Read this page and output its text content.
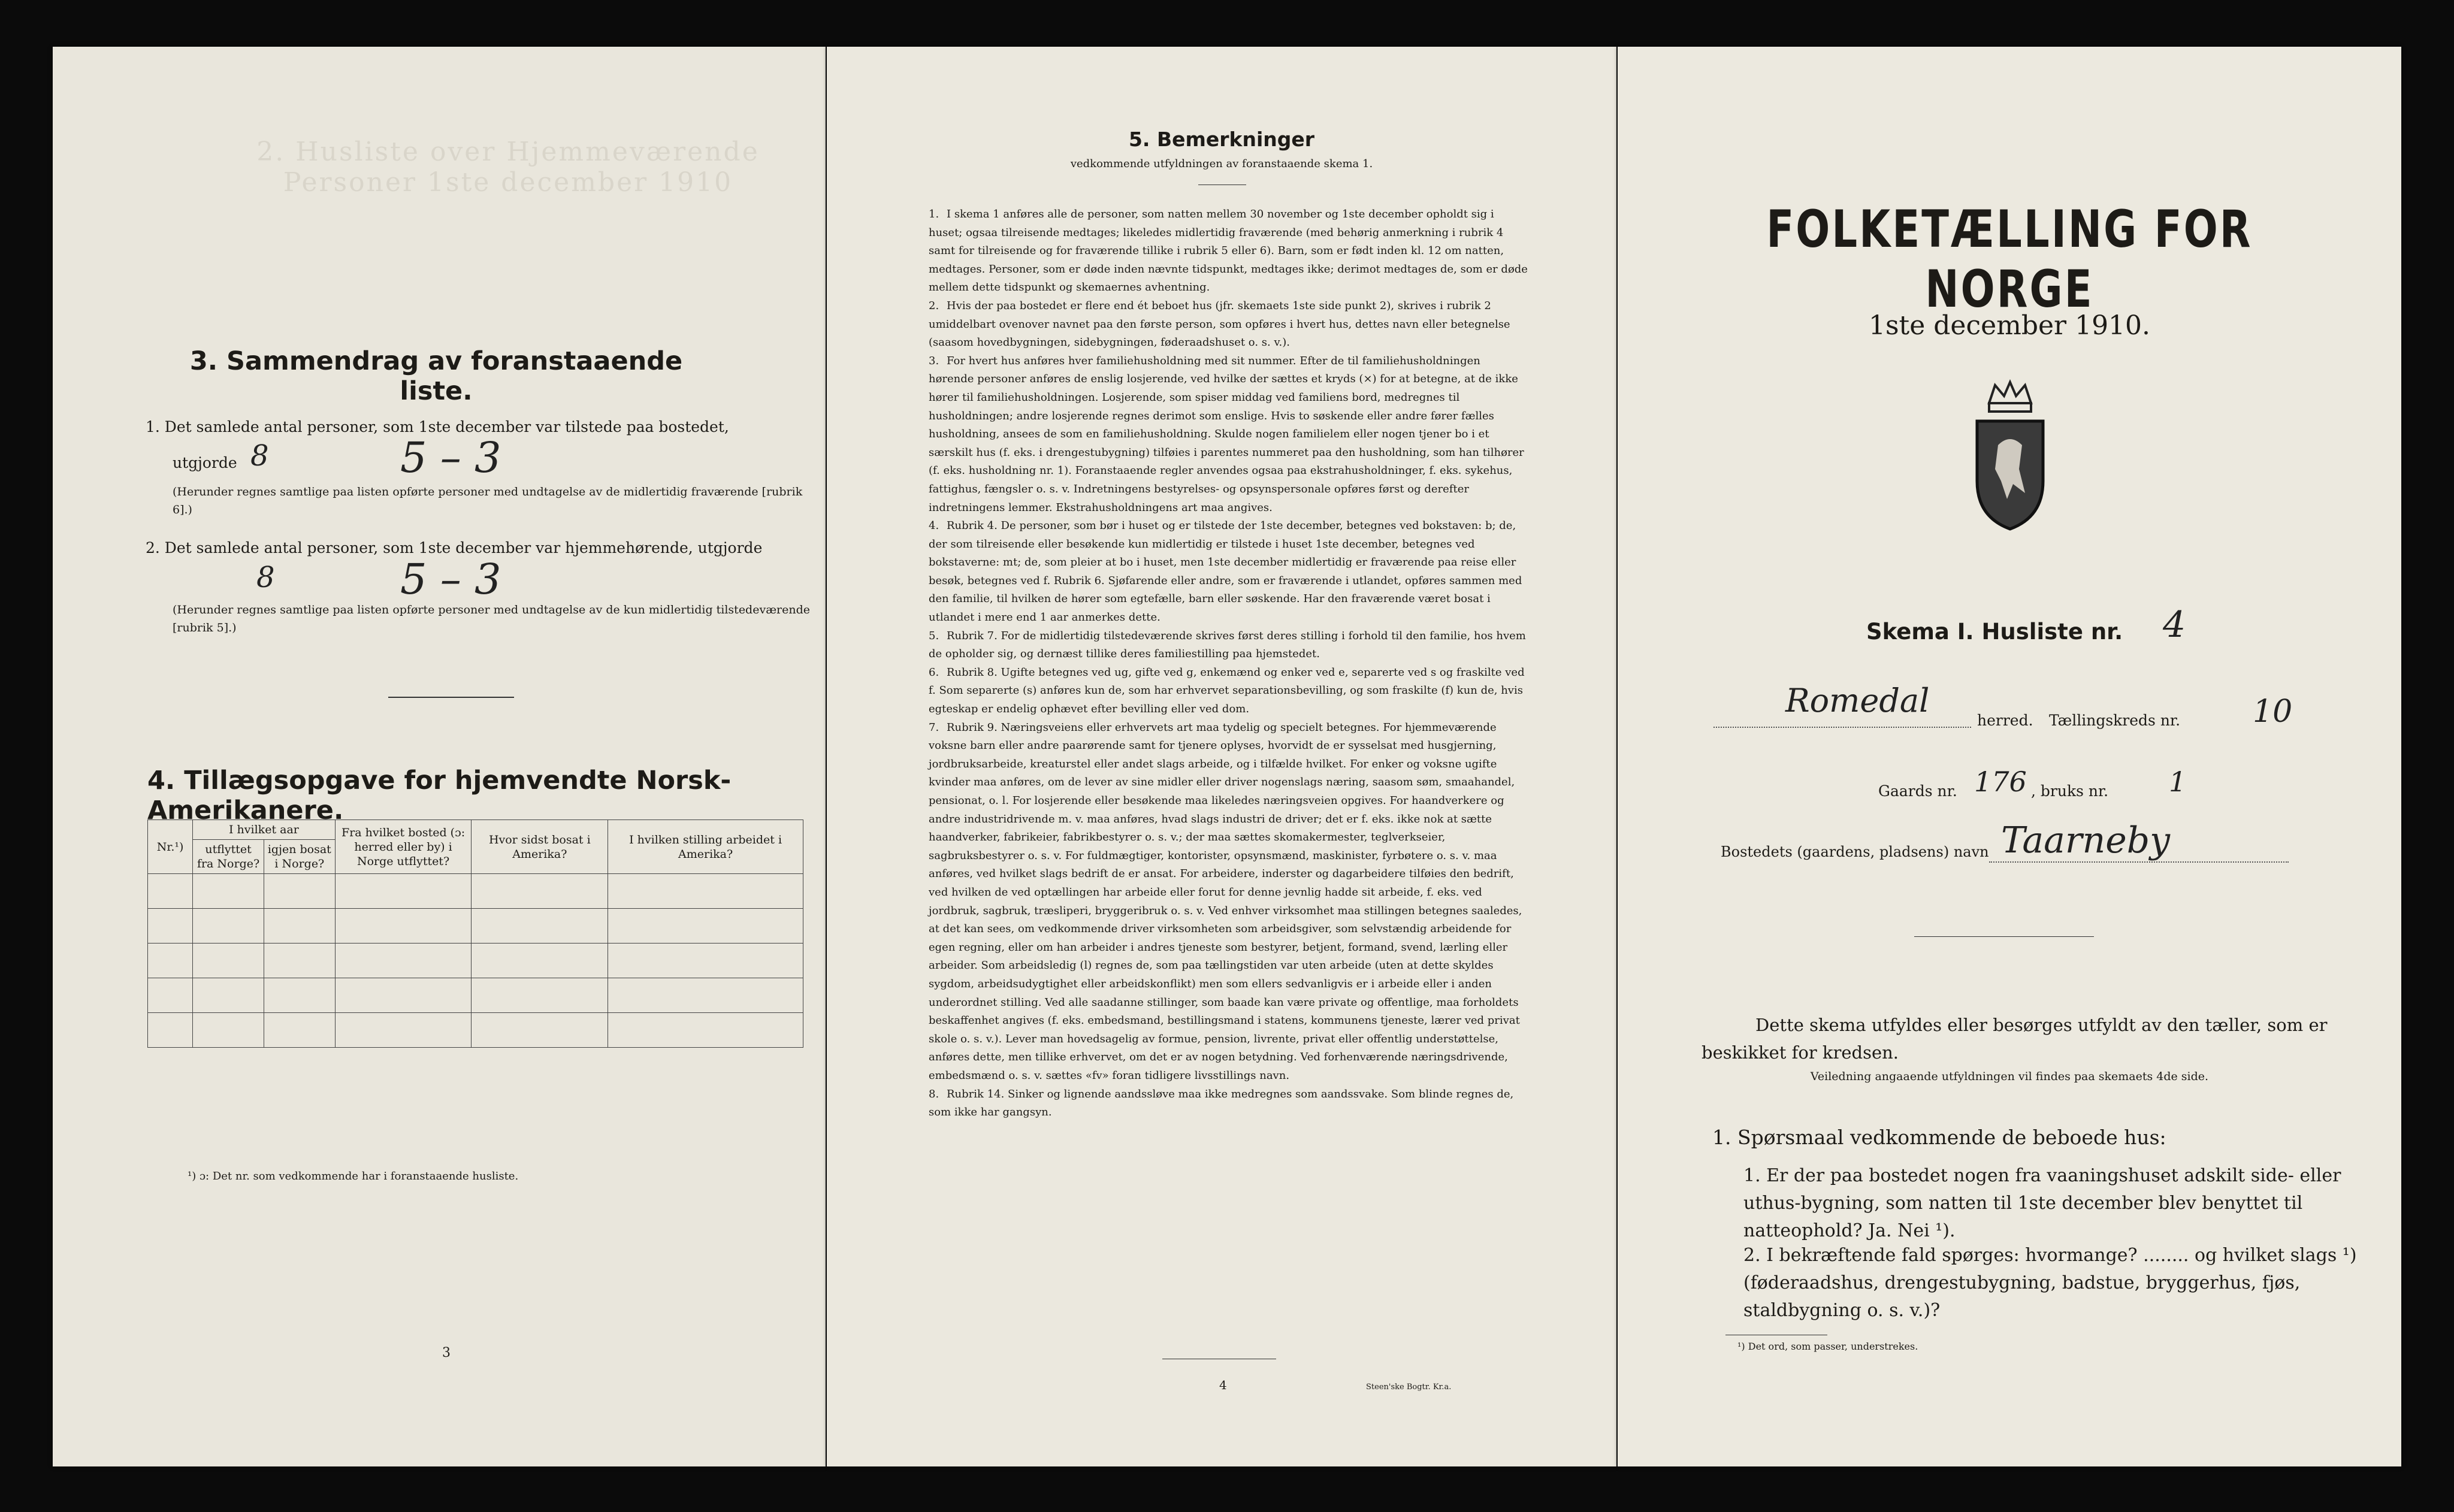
2. Husliste over Hjemmeværende Personer 1ste december 1910
3. Sammendrag av foranstaaende liste.
1. Det samlede antal personer, som 1ste december var tilstede paa bostedet,
utgjorde 8	5 – 3
(Herunder regnes samtlige paa listen opførte personer med undtagelse av de midlertidig fraværende [rubrik 6].)
2. Det samlede antal personer, som 1ste december var hjemmehørende, utgjorde
8	5 – 3
(Herunder regnes samtlige paa listen opførte personer med undtagelse av de kun midlertidig tilstedeværende [rubrik 5].)
4. Tillægsopgave for hjemvendte Norsk-Amerikanere.
Nr.¹)	I hvilket aar		Fra hvilket bosted (ɔ: herred eller by) i Norge utflyttet?	Hvor sidst bosat i Amerika?	I hvilken stilling arbeidet i Amerika?
	utflyttet fra Norge?	igjen bosat i Norge?			

¹) ɔ: Det nr. som vedkommende har i foranstaaende husliste.
3
5. Bemerkninger
vedkommende utfyldningen av foranstaaende skema 1.
1. I skema 1 anføres alle de personer, som natten mellem 30 november og 1ste december opholdt sig i huset; ogsaa tilreisende medtages; likeledes midlertidig fraværende (med behørig anmerkning i rubrik 4 samt for tilreisende og for fraværende tillike i rubrik 5 eller 6). Barn, som er født inden kl. 12 om natten, medtages. Personer, som er døde inden nævnte tidspunkt, medtages ikke; derimot medtages de, som er døde mellem dette tidspunkt og skemaernes avhentning.
2. Hvis der paa bostedet er flere end ét beboet hus (jfr. skemaets 1ste side punkt 2), skrives i rubrik 2 umiddelbart ovenover navnet paa den første person, som opføres i hvert hus, dettes navn eller betegnelse (saasom hovedbygningen, sidebygningen, føderaadshuset o. s. v.).
3. For hvert hus anføres hver familiehusholdning med sit nummer. Efter de til familiehusholdningen hørende personer anføres de enslig losjerende, ved hvilke der sættes et kryds (×) for at betegne, at de ikke hører til familiehusholdningen. Losjerende, som spiser middag ved familiens bord, medregnes til husholdningen; andre losjerende regnes derimot som enslige. Hvis to søskende eller andre fører fælles husholdning, ansees de som en familiehusholdning. Skulde nogen familielem eller nogen tjener bo i et særskilt hus (f. eks. i drengestubygning) tilføies i parentes nummeret paa den husholdning, som han tilhører (f. eks. husholdning nr. 1). Foranstaaende regler anvendes ogsaa paa ekstrahusholdninger, f. eks. sykehus, fattighus, fængsler o. s. v. Indretningens bestyrelses- og opsynspersonale opføres først og derefter indretningens lemmer. Ekstrahusholdningens art maa angives.
4. Rubrik 4. De personer, som bør i huset og er tilstede der 1ste december, betegnes ved bokstaven: b; de, der som tilreisende eller besøkende kun midlertidig er tilstede i huset 1ste december, betegnes ved bokstaverne: mt; de, som pleier at bo i huset, men 1ste december midlertidig er fraværende paa reise eller besøk, betegnes ved f. Rubrik 6. Sjøfarende eller andre, som er fraværende i utlandet, opføres sammen med den familie, til hvilken de hører som egtefælle, barn eller søskende. Har den fraværende været bosat i utlandet i mere end 1 aar anmerkes dette.
5. Rubrik 7. For de midlertidig tilstedeværende skrives først deres stilling i forhold til den familie, hos hvem de opholder sig, og dernæst tillike deres familiestilling paa hjemstedet.
6. Rubrik 8. Ugifte betegnes ved ug, gifte ved g, enkemænd og enker ved e, separerte ved s og fraskilte ved f. Som separerte (s) anføres kun de, som har erhvervet separationsbevilling, og som fraskilte (f) kun de, hvis egteskap er endelig ophævet efter bevilling eller ved dom.
7. Rubrik 9. Næringsveiens eller erhvervets art maa tydelig og specielt betegnes. For hjemmeværende voksne barn eller andre paarørende samt for tjenere oplyses, hvorvidt de er sysselsat med husgjerning, jordbruksarbeide, kreaturstel eller andet slags arbeide, og i tilfælde hvilket. For enker og voksne ugifte kvinder maa anføres, om de lever av sine midler eller driver nogenslags næring, saasom søm, smaahandel, pensionat, o. l. For losjerende eller besøkende maa likeledes næringsveien opgives. For haandverkere og andre industridrivende m. v. maa anføres, hvad slags industri de driver; det er f. eks. ikke nok at sætte haandverker, fabrikeier, fabrikbestyrer o. s. v.; der maa sættes skomakermester, teglverkseier, sagbruksbestyrer o. s. v. For fuldmægtiger, kontorister, opsynsmænd, maskinister, fyrbøtere o. s. v. maa anføres, ved hvilket slags bedrift de er ansat. For arbeidere, inderster og dagarbeidere tilføies den bedrift, ved hvilken de ved optællingen har arbeide eller forut for denne jevnlig hadde sit arbeide, f. eks. ved jordbruk, sagbruk, træsliperi, bryggeribruk o. s. v. Ved enhver virksomhet maa stillingen betegnes saaledes, at det kan sees, om vedkommende driver virksomheten som arbeidsgiver, som selvstændig arbeidende for egen regning, eller om han arbeider i andres tjeneste som bestyrer, betjent, formand, svend, lærling eller arbeider. Som arbeidsledig (l) regnes de, som paa tællingstiden var uten arbeide (uten at dette skyldes sygdom, arbeidsudygtighet eller arbeidskonflikt) men som ellers sedvanligvis er i arbeide eller i anden underordnet stilling. Ved alle saadanne stillinger, som baade kan være private og offentlige, maa forholdets beskaffenhet angives (f. eks. embedsmand, bestillingsmand i statens, kommunens tjeneste, lærer ved privat skole o. s. v.). Lever man hovedsagelig av formue, pension, livrente, privat eller offentlig understøttelse, anføres dette, men tillike erhvervet, om det er av nogen betydning. Ved forhenværende næringsdrivende, embedsmænd o. s. v. sættes «fv» foran tidligere livsstillings navn.
8. Rubrik 14. Sinker og lignende aandssløve maa ikke medregnes som aandssvake. Som blinde regnes de, som ikke har gangsyn.
4	Steen'ske Bogtr. Kr.a.
FOLKETÆLLING FOR NORGE
1ste december 1910.
Skema I. Husliste nr. 4
Romedal
herred. Tællingskreds nr. 10
Gaards nr. 176 , bruks nr. 1
Bostedets (gaardens, pladsens) navn Taarneby
Dette skema utfyldes eller besørges utfyldt av den tæller, som er beskikket for kredsen.
Veiledning angaaende utfyldningen vil findes paa skemaets 4de side.
1. Spørsmaal vedkommende de beboede hus:
1. Er der paa bostedet nogen fra vaaningshuset adskilt side- eller uthus-bygning, som natten til 1ste december blev benyttet til natteophold? Ja. Nei ¹).
2. I bekræftende fald spørges: hvormange? ........ og hvilket slags ¹) (føderaadshus, drengestubygning, badstue, bryggerhus, fjøs, staldbygning o. s. v.)?
¹) Det ord, som passer, understrekes.
